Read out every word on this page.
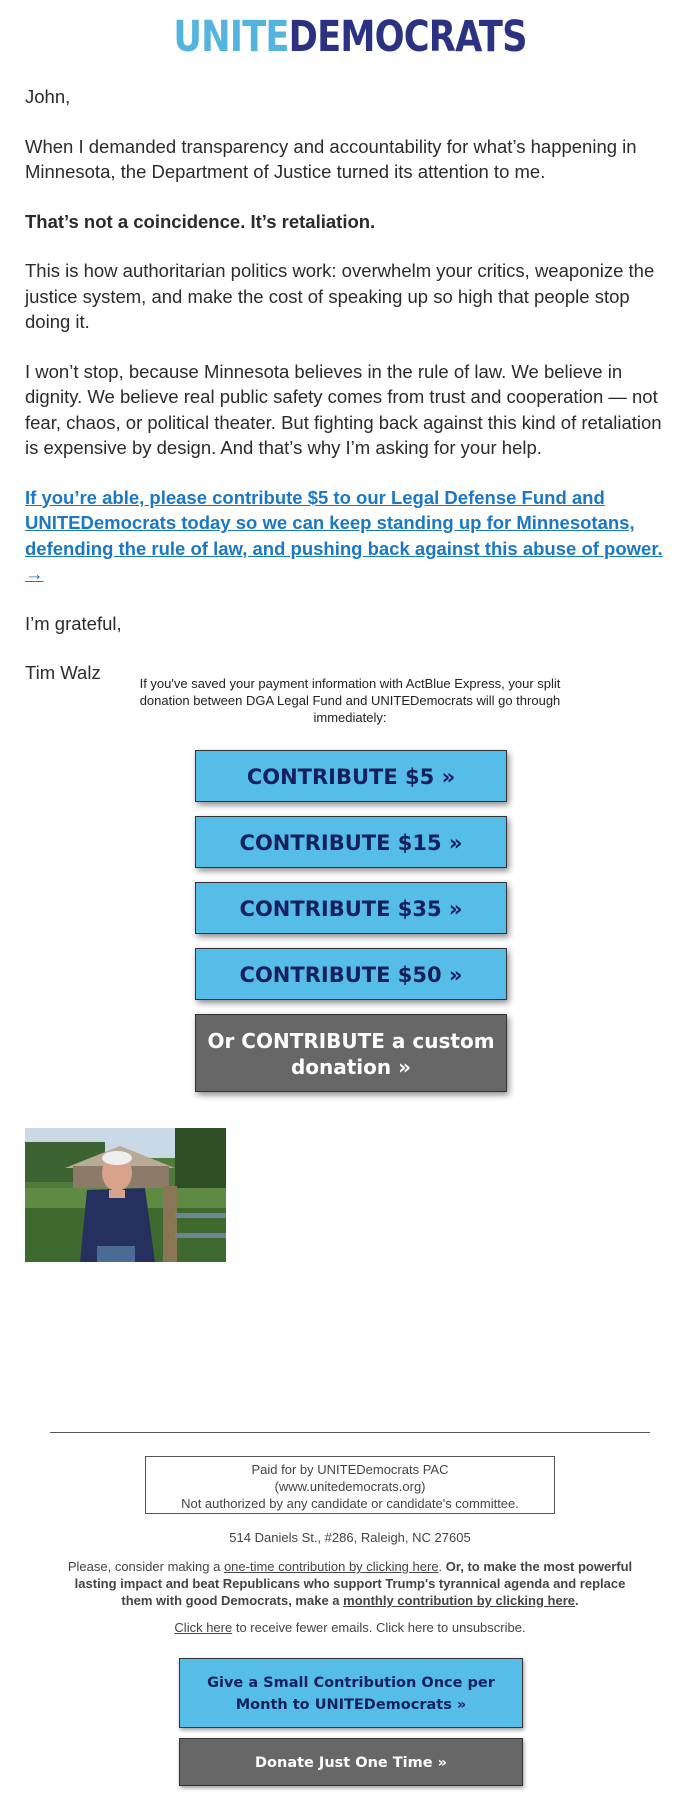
UNITEDEMOCRATS

John,

When I demanded transparency and accountability for what’s happening in Minnesota, the Department of Justice turned its attention to me.

That’s not a coincidence. It’s retaliation.

This is how authoritarian politics work: overwhelm your critics, weaponize the justice system, and make the cost of speaking up so high that people stop doing it.

I won’t stop, because Minnesota believes in the rule of law. We believe in dignity. We believe real public safety comes from trust and cooperation — not fear, chaos, or political theater. But fighting back against this kind of retaliation is expensive by design. And that’s why I’m asking for your help.

If you’re able, please contribute $5 to our Legal Defense Fund and UNITEDemocrats today so we can keep standing up for Minnesotans, defending the rule of law, and pushing back against this abuse of power. →

I’m grateful,

Tim Walz

If you've saved your payment information with ActBlue Express, your split donation between DGA Legal Fund and UNITEDemocrats will go through immediately:
CONTRIBUTE $5 »
CONTRIBUTE $15 »
CONTRIBUTE $35 »
CONTRIBUTE $50 »
Or CONTRIBUTE a custom donation »
Paid for by UNITEDemocrats PAC
(www.unitedemocrats.org)
Not authorized by any candidate or candidate's committee.
514 Daniels St., #286, Raleigh, NC 27605
Please, consider making a one-time contribution by clicking here. Or, to make the most powerful lasting impact and beat Republicans who support Trump's tyrannical agenda and replace them with good Democrats, make a monthly contribution by clicking here.
Click here to receive fewer emails. Click here to unsubscribe.
Give a Small Contribution Once per Month to UNITEDemocrats »
Donate Just One Time »
